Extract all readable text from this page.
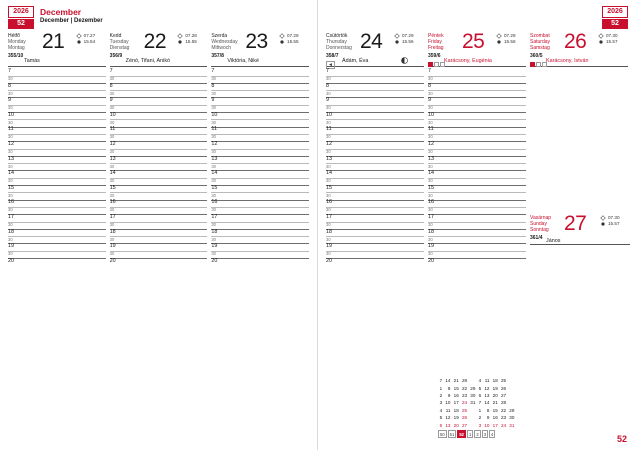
2026
52
December
December | Dezember
Hétfő
Monday
Montag 21
355/10
07.27
15.54
Tamás
7
30
8
30
9
30
10
30
11
30
12
30
13
30
14
30
15
30
16
30
17
30
18
30
19
30
20
Kedd
Tuesday
Dienstag 22
356/9
07.28
15.55
Zénó, Tifani, Anikó
7
30
8
30
9
30
10
30
11
30
12
30
13
30
14
30
15
30
16
30
17
30
18
30
19
30
20
Szerda
Wednesday
Mittwoch 23
357/8
07.29
15.55
Viktória, Niké
7
30
8
30
9
30
10
30
11
30
12
30
13
30
14
30
15
30
16
30
17
30
18
30
19
30
20
2026
52
Csütörtök
Thursday
Donnerstag 24
358/7
07.29
15.56
Ádám, Éva
◄
7
30
8
30
9
30
10
30
11
30
12
30
13
30
14
30
15
30
16
30
17
30
18
30
19
30
20
Péntek
Friday
Freitag 25
359/6
07.29
15.56
Karácsony, Eugénia
7
30
8
30
9
30
10
30
11
30
12
30
13
30
14
30
15
30
16
30
17
30
18
30
19
30
20
Szombat
Saturday
Samstag 26
360/5
07.30
15.57
Karácsony, István
Vasárnap
Sunday
Sonntag 27
361/4
07.30
15.57
János
7	14	21	28		4	11	18	25	
1	8	15	22	29	5	12	19	26	
2	9	16	23	30	6	13	20	27	
3	10	17	24	31	7	14	21	28	
4	11	18	25		1	8	15	22	29
5	12	19	26		2	9	16	23	30
6	13	20	27		3	10	17	24	31
50	51	52	1	2	3	4	52
